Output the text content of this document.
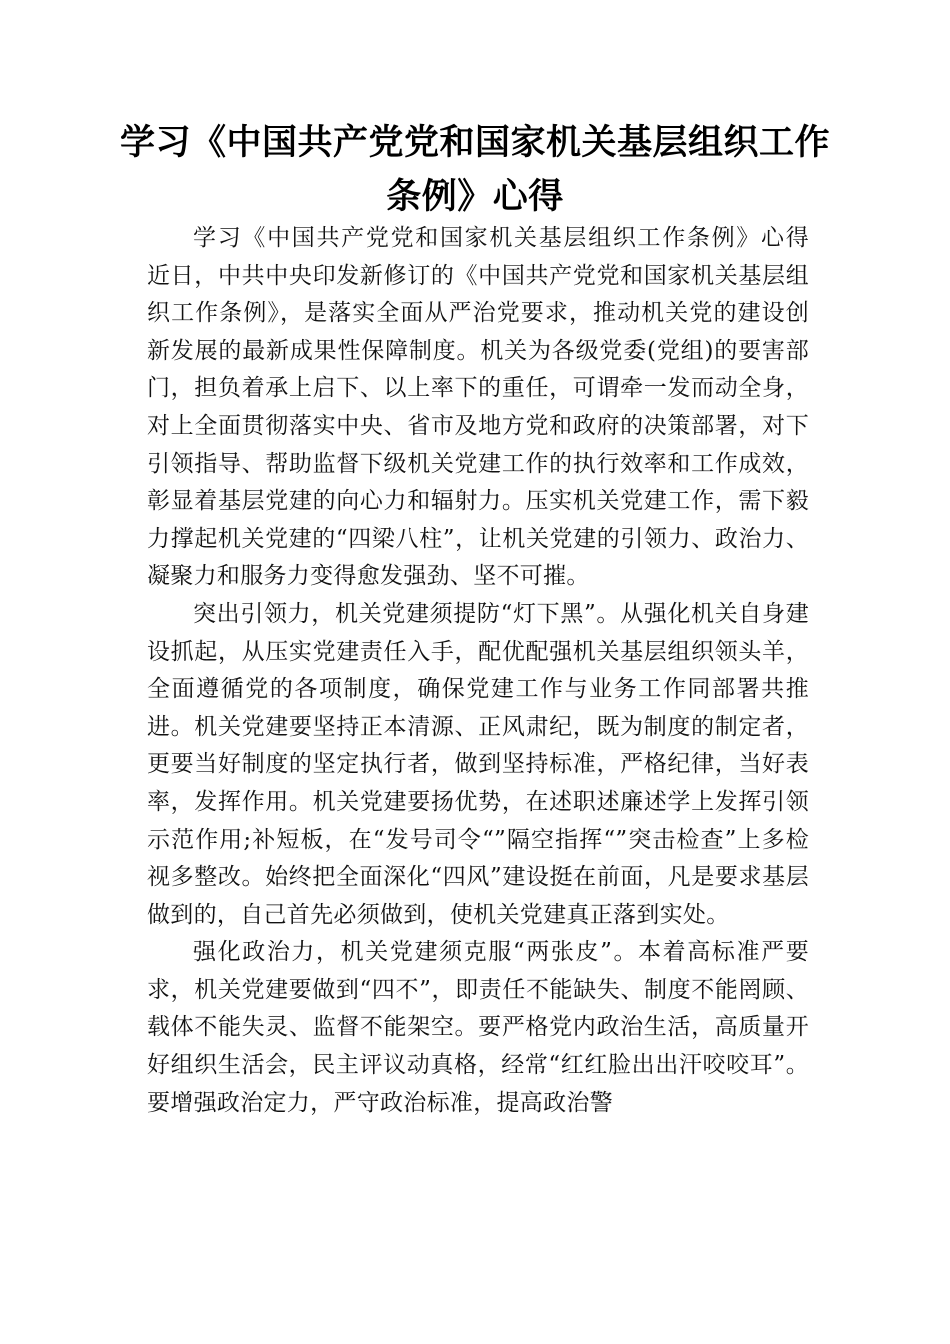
学习《中国共产党党和国家机关基层组织工作条例》心得

学习《中国共产党党和国家机关基层组织工作条例》心得　近日，中共中央印发新修订的《中国共产党党和国家机关基层组织工作条例》，是落实全面从严治党要求，推动机关党的建设创新发展的最新成果性保障制度。机关为各级党委(党组)的要害部门，担负着承上启下、以上率下的重任，可谓牵一发而动全身，对上全面贯彻落实中央、省市及地方党和政府的决策部署，对下引领指导、帮助监督下级机关党建工作的执行效率和工作成效，彰显着基层党建的向心力和辐射力。压实机关党建工作，需下毅力撑起机关党建的“四梁八柱”，让机关党建的引领力、政治力、凝聚力和服务力变得愈发强劲、坚不可摧。

突出引领力，机关党建须提防“灯下黑”。从强化机关自身建设抓起，从压实党建责任入手，配优配强机关基层组织领头羊，全面遵循党的各项制度，确保党建工作与业务工作同部署共推进。机关党建要坚持正本清源、正风肃纪，既为制度的制定者，更要当好制度的坚定执行者，做到坚持标准，严格纪律，当好表率，发挥作用。机关党建要扬优势，在述职述廉述学上发挥引领示范作用;补短板，在“发号司令“”隔空指挥“”突击检查”上多检视多整改。始终把全面深化“四风”建设挺在前面，凡是要求基层做到的，自己首先必须做到，使机关党建真正落到实处。

强化政治力，机关党建须克服“两张皮”。本着高标准严要求，机关党建要做到“四不”，即责任不能缺失、制度不能罔顾、载体不能失灵、监督不能架空。要严格党内政治生活，高质量开好组织生活会，民主评议动真格，经常“红红脸出出汗咬咬耳”。要增强政治定力，严守政治标准，提高政治警
